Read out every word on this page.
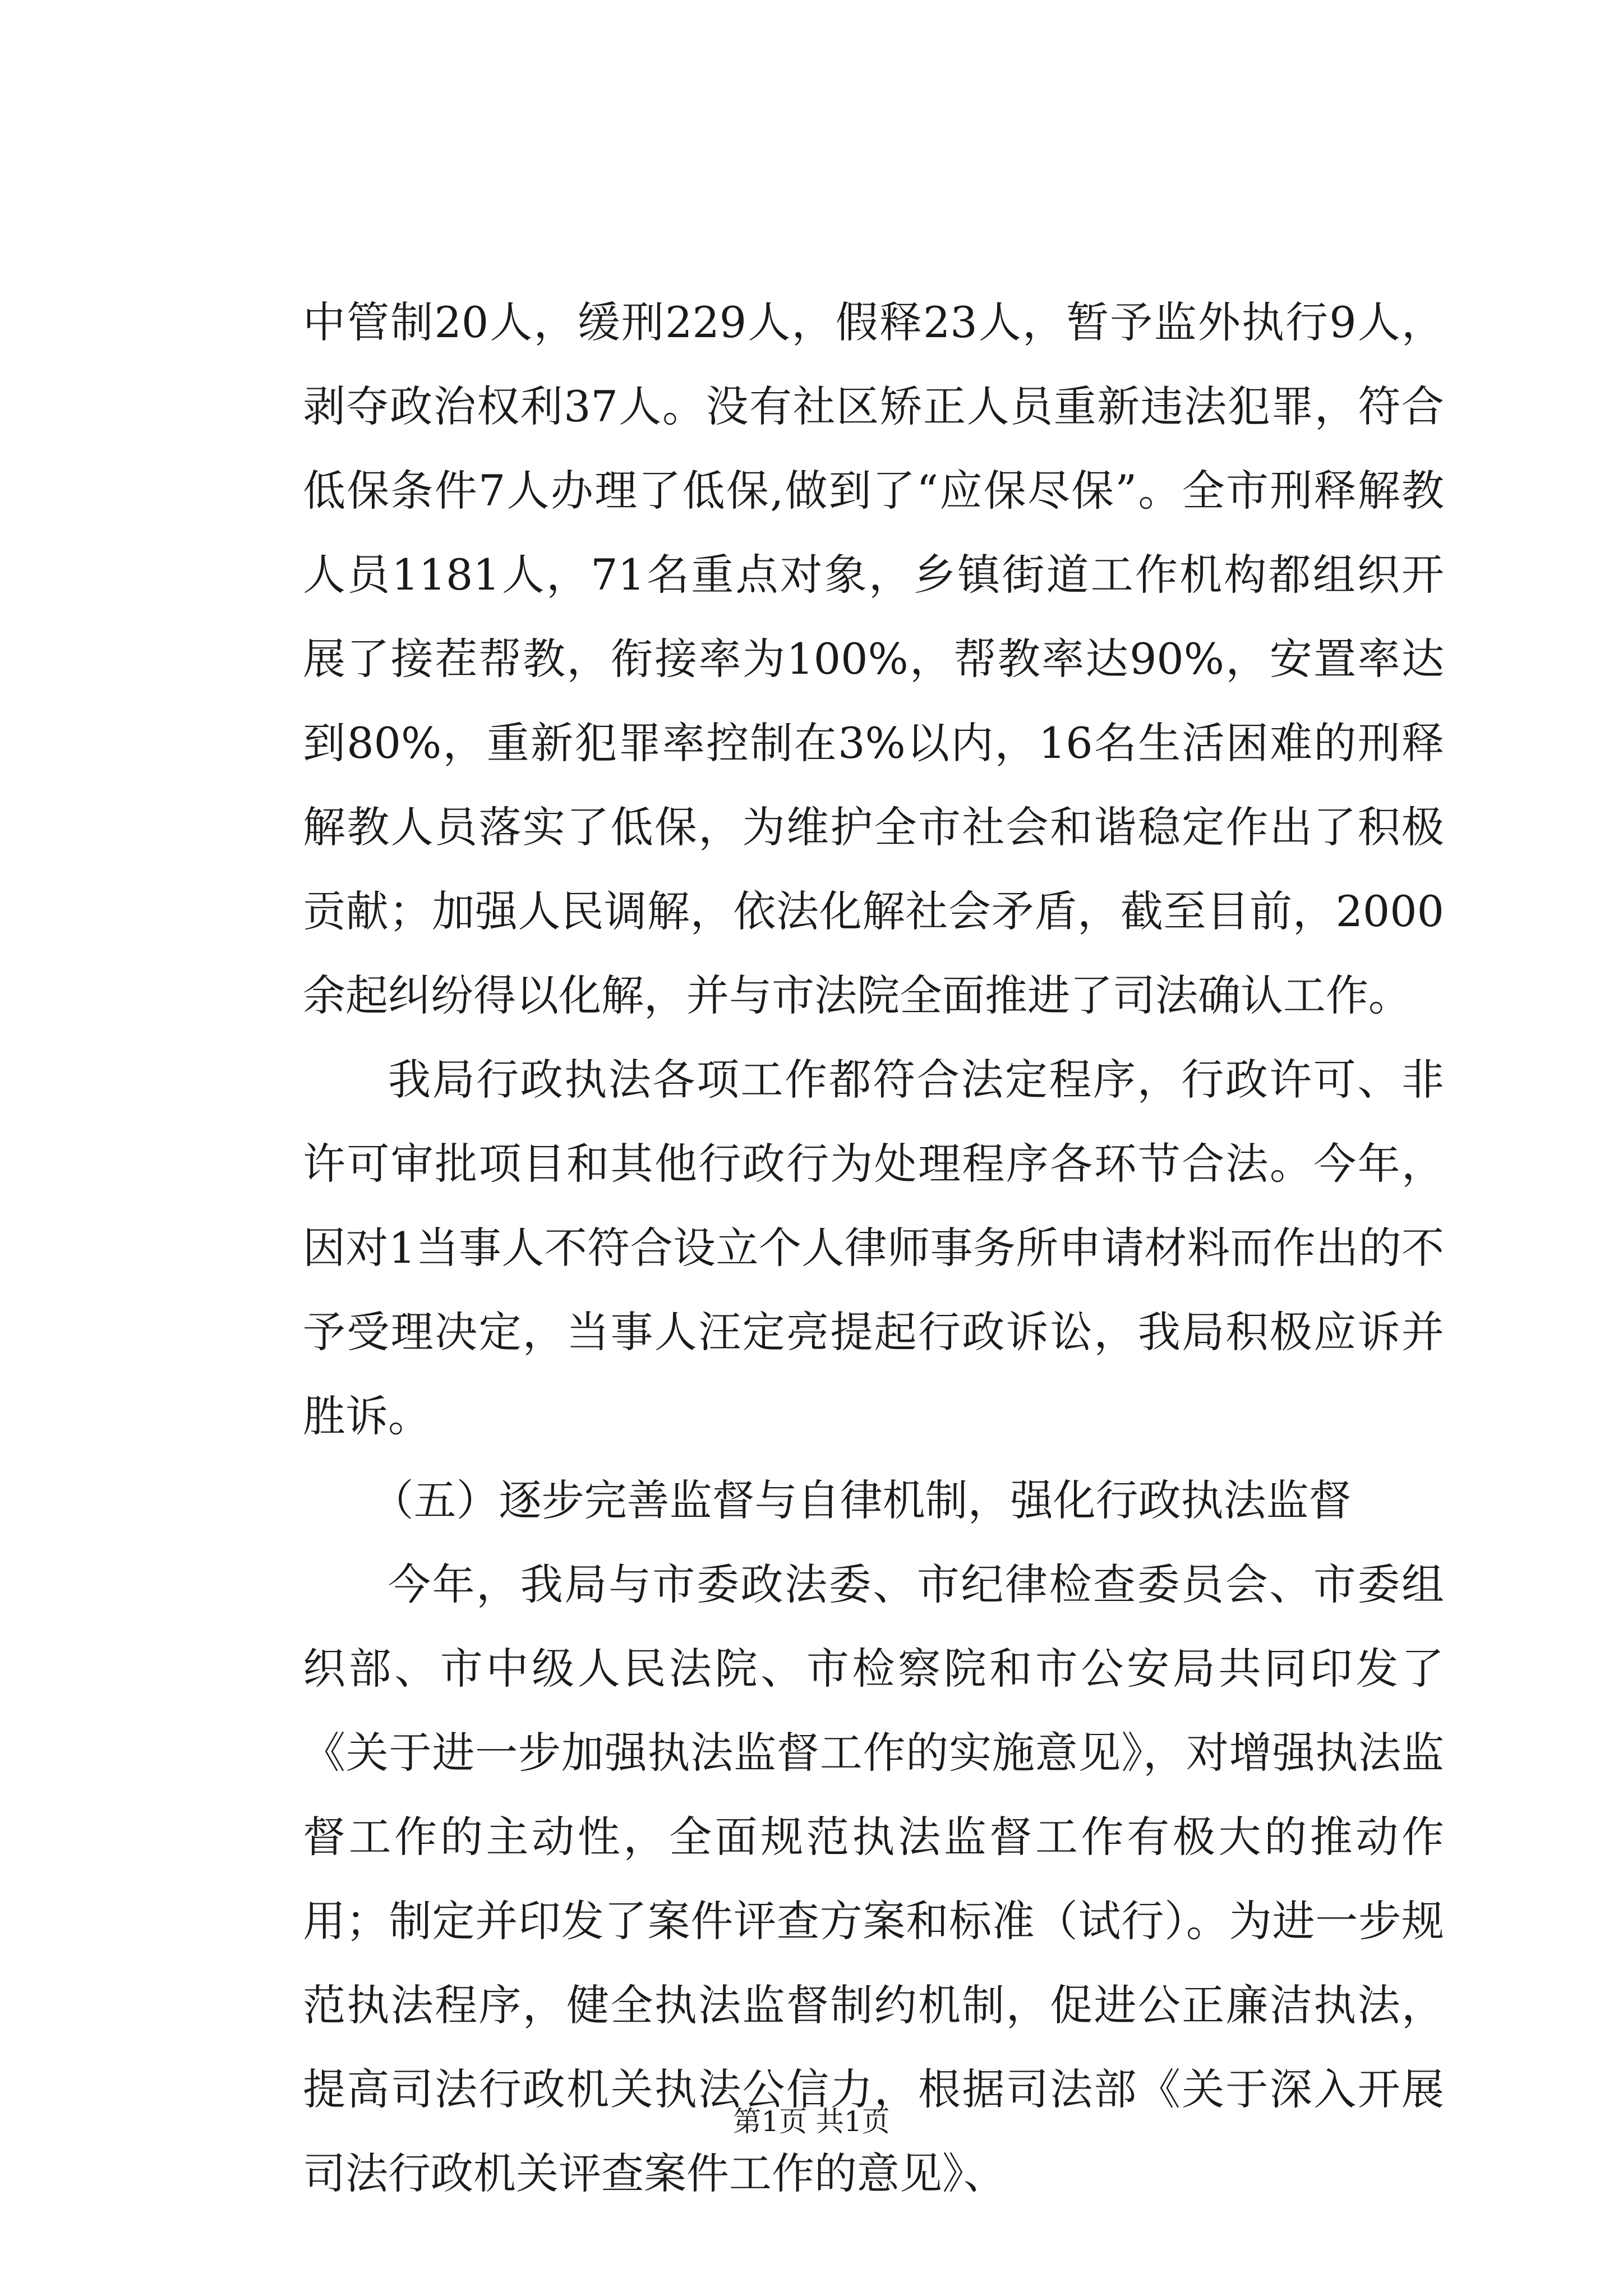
中管制20人，缓刑229人，假释23人，暂予监外执行9人，剥夺政治权利37人。没有社区矫正人员重新违法犯罪，符合低保条件7人办理了低保,做到了“应保尽保”。全市刑释解教人员1181人，71名重点对象，乡镇街道工作机构都组织开展了接茬帮教，衔接率为100%，帮教率达90%，安置率达到80%，重新犯罪率控制在3%以内，16名生活困难的刑释解教人员落实了低保，为维护全市社会和谐稳定作出了积极贡献；加强人民调解，依法化解社会矛盾，截至目前，2000余起纠纷得以化解，并与市法院全面推进了司法确认工作。

我局行政执法各项工作都符合法定程序，行政许可、非许可审批项目和其他行政行为处理程序各环节合法。今年，因对1当事人不符合设立个人律师事务所申请材料而作出的不予受理决定，当事人汪定亮提起行政诉讼，我局积极应诉并胜诉。

（五）逐步完善监督与自律机制，强化行政执法监督

今年，我局与市委政法委、市纪律检查委员会、市委组织部、市中级人民法院、市检察院和市公安局共同印发了《关于进一步加强执法监督工作的实施意见》，对增强执法监督工作的主动性，全面规范执法监督工作有极大的推动作用；制定并印发了案件评查方案和标准（试行）。为进一步规范执法程序，健全执法监督制约机制，促进公正廉洁执法，提高司法行政机关执法公信力，根据司法部《关于深入开展司法行政机关评查案件工作的意见》、

第1页 共1页
